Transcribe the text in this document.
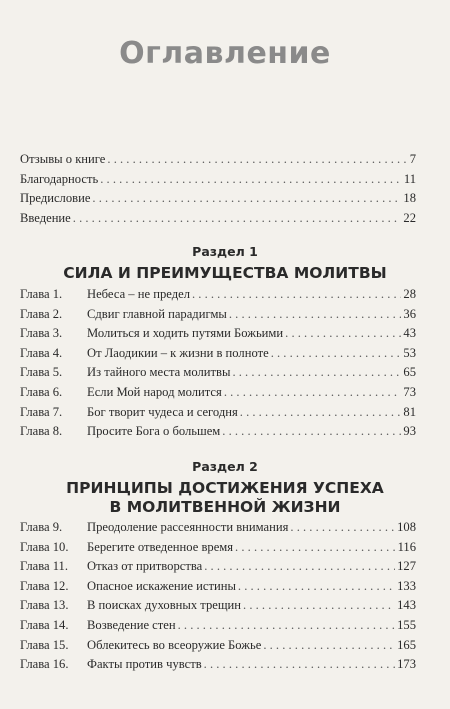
Оглавление
Отзывы о книге . . .	7
Благодарность . . .	11
Предисловие . . .	18
Введение . . .	22
Раздел 1
СИЛА И ПРЕИМУЩЕСТВА МОЛИТВЫ
Глава 1.	Небеса – не предел . . .	28
Глава 2.	Сдвиг главной парадигмы . . .	36
Глава 3.	Молиться и ходить путями Божьими . . .	43
Глава 4.	От Лаодикии – к жизни в полноте . . .	53
Глава 5.	Из тайного места молитвы . . .	65
Глава 6.	Если Мой народ молится . . .	73
Глава 7.	Бог творит чудеса и сегодня . . .	81
Глава 8.	Просите Бога о большем . . .	93
Раздел 2
ПРИНЦИПЫ ДОСТИЖЕНИЯ УСПЕХА
В МОЛИТВЕННОЙ ЖИЗНИ
Глава 9.	Преодоление рассеянности внимания . . .	108
Глава 10.	Берегите отведенное время . . .	116
Глава 11.	Отказ от притворства . . .	127
Глава 12.	Опасное искажение истины . . .	133
Глава 13.	В поисках духовных трещин . . .	143
Глава 14.	Возведение стен . . .	155
Глава 15.	Облекитесь во всеоружие Божье . . .	165
Глава 16.	Факты против чувств . . .	173
